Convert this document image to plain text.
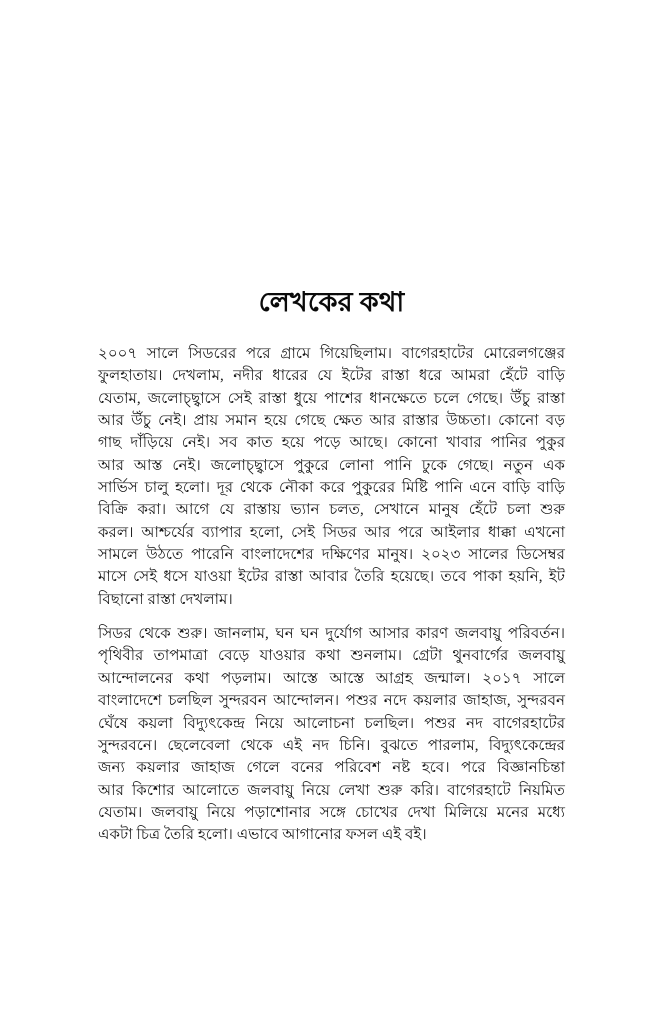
লেখকের কথা

২০০৭ সালে সিডরের পরে গ্রামে গিয়েছিলাম। বাগেরহাটের মোরেলগঞ্জের
ফুলহাতায়। দেখলাম, নদীর ধারের যে ইটের রাস্তা ধরে আমরা হেঁটে বাড়ি
যেতাম, জলোচ্ছ্বাসে সেই রাস্তা ধুয়ে পাশের ধানক্ষেতে চলে গেছে। উঁচু রাস্তা
আর উঁচু নেই। প্রায় সমান হয়ে গেছে ক্ষেত আর রাস্তার উচ্চতা। কোনো বড়
গাছ দাঁড়িয়ে নেই। সব কাত হয়ে পড়ে আছে। কোনো খাবার পানির পুকুর
আর আস্ত নেই। জলোচ্ছ্বাসে পুকুরে লোনা পানি ঢুকে গেছে। নতুন এক
সার্ভিস চালু হলো। দূর থেকে নৌকা করে পুকুরের মিষ্টি পানি এনে বাড়ি বাড়ি
বিক্রি করা। আগে যে রাস্তায় ভ্যান চলত, সেখানে মানুষ হেঁটে চলা শুরু
করল। আশ্চর্যের ব্যাপার হলো, সেই সিডর আর পরে আইলার ধাক্কা এখনো
সামলে উঠতে পারেনি বাংলাদেশের দক্ষিণের মানুষ। ২০২৩ সালের ডিসেম্বর
মাসে সেই ধসে যাওয়া ইটের রাস্তা আবার তৈরি হয়েছে। তবে পাকা হয়নি, ইট
বিছানো রাস্তা দেখলাম।

সিডর থেকে শুরু। জানলাম, ঘন ঘন দুর্যোগ আসার কারণ জলবায়ু পরিবর্তন।
পৃথিবীর তাপমাত্রা বেড়ে যাওয়ার কথা শুনলাম। গ্রেটা থুনবার্গের জলবায়ু
আন্দোলনের কথা পড়লাম। আস্তে আস্তে আগ্রহ জন্মাল। ২০১৭ সালে
বাংলাদেশে চলছিল সুন্দরবন আন্দোলন। পশুর নদে কয়লার জাহাজ, সুন্দরবন
ঘেঁষে কয়লা বিদ্যুৎকেন্দ্র নিয়ে আলোচনা চলছিল। পশুর নদ বাগেরহাটের
সুন্দরবনে। ছেলেবেলা থেকে এই নদ চিনি। বুঝতে পারলাম, বিদ্যুৎকেন্দ্রের
জন্য কয়লার জাহাজ গেলে বনের পরিবেশ নষ্ট হবে। পরে বিজ্ঞানচিন্তা
আর কিশোর আলোতে জলবায়ু নিয়ে লেখা শুরু করি। বাগেরহাটে নিয়মিত
যেতাম। জলবায়ু নিয়ে পড়াশোনার সঙ্গে চোখের দেখা মিলিয়ে মনের মধ্যে
একটা চিত্র তৈরি হলো। এভাবে আগানোর ফসল এই বই।
